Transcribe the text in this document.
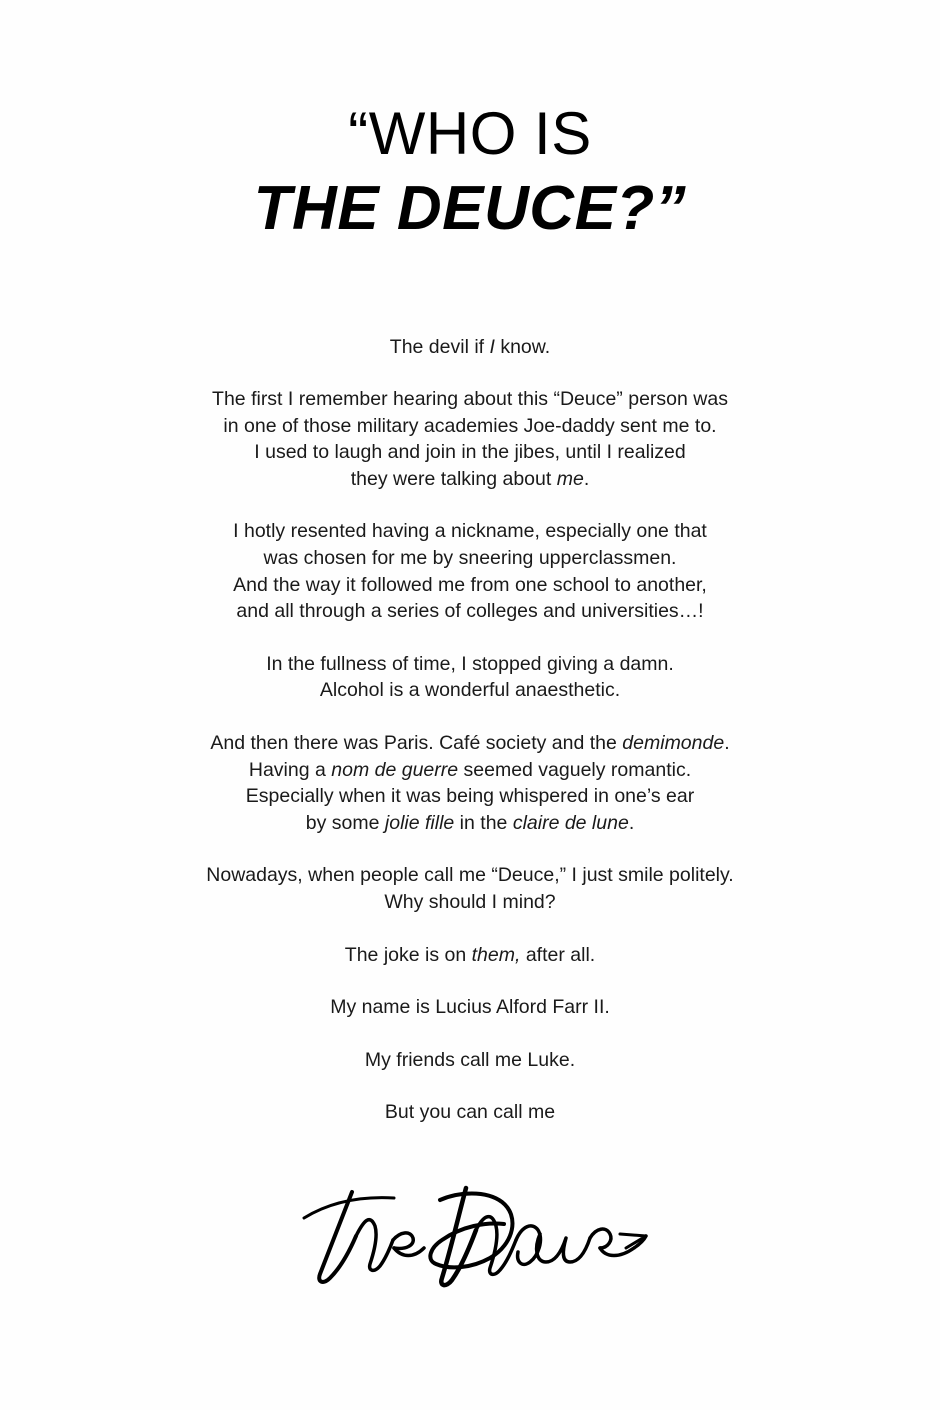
“WHO IS
THE DEUCE?”
The devil if I know.
The first I remember hearing about this “Deuce” person was
in one of those military academies Joe-daddy sent me to.
I used to laugh and join in the jibes, until I realized
they were talking about me.
I hotly resented having a nickname, especially one that
was chosen for me by sneering upperclassmen.
And the way it followed me from one school to another,
and all through a series of colleges and universities…!
In the fullness of time, I stopped giving a damn.
Alcohol is a wonderful anaesthetic.
And then there was Paris. Café society and the demimonde.
Having a nom de guerre seemed vaguely romantic.
Especially when it was being whispered in one’s ear
by some jolie fille in the claire de lune.
Nowadays, when people call me “Deuce,” I just smile politely.
Why should I mind?
The joke is on them, after all.
My name is Lucius Alford Farr II.
My friends call me Luke.
But you can call me
